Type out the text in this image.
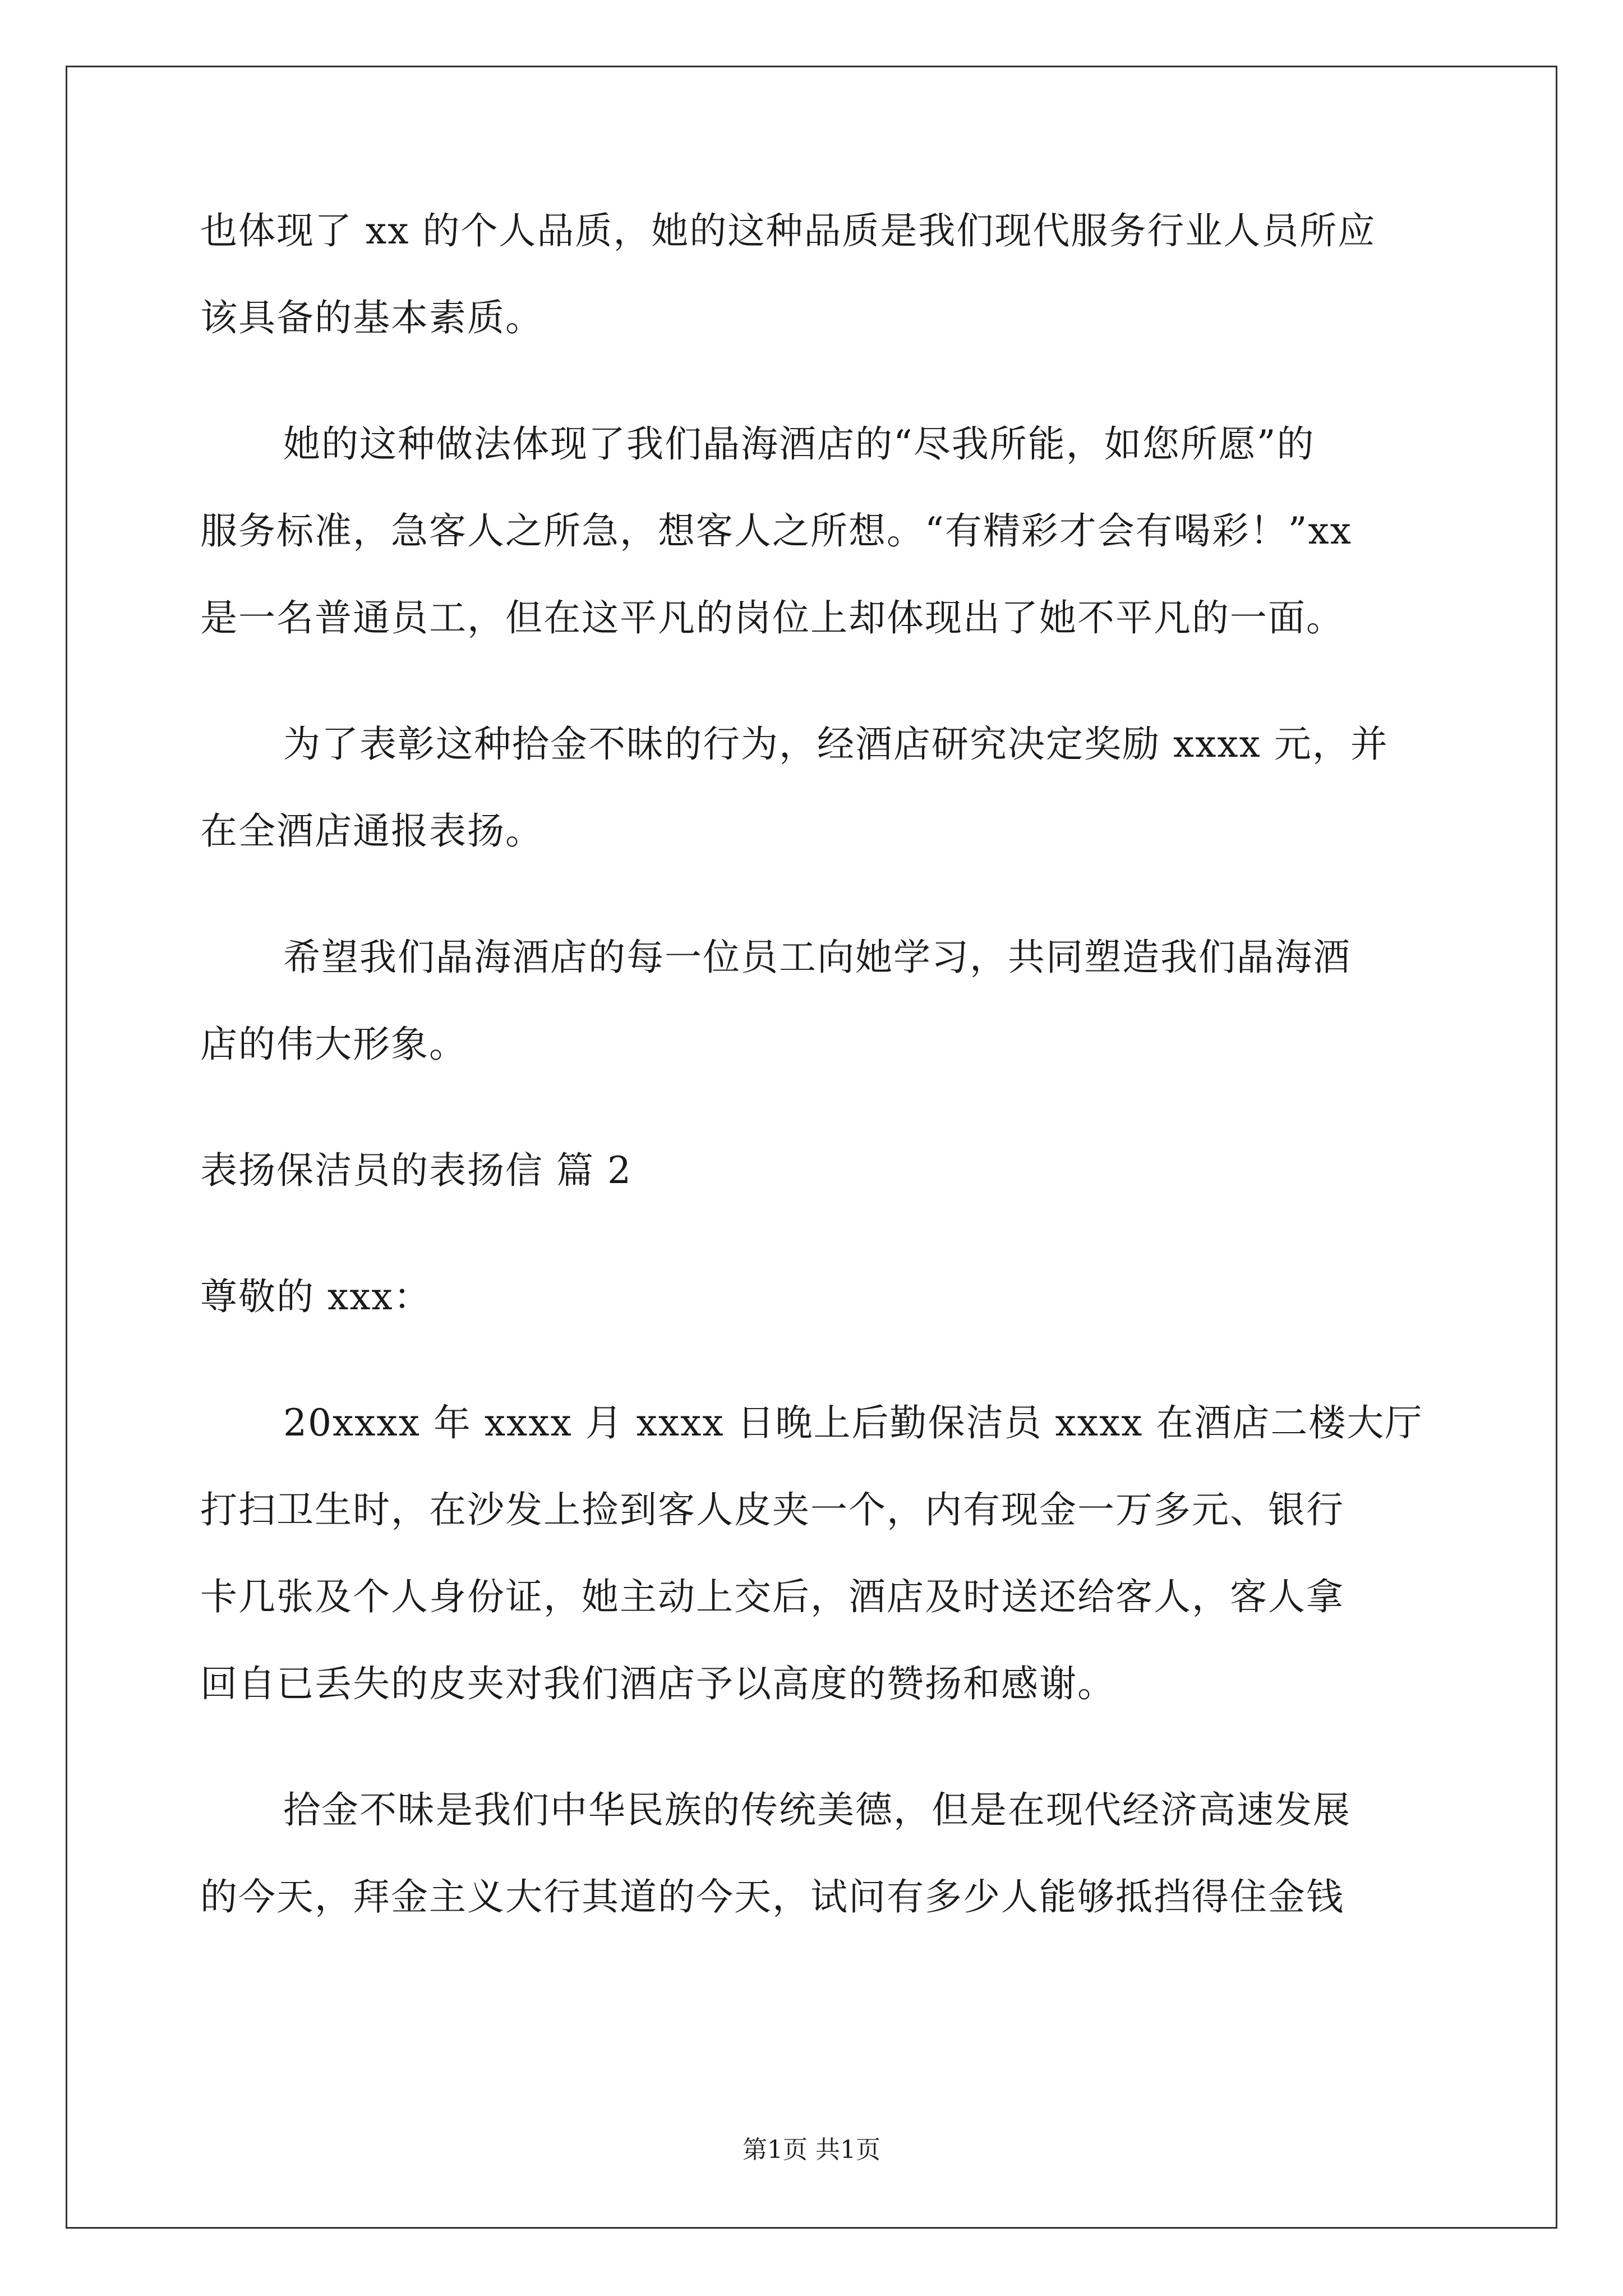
也体现了 xx 的个人品质，她的这种品质是我们现代服务行业人员所应
该具备的基本素质。
她的这种做法体现了我们晶海酒店的“尽我所能，如您所愿”的
服务标准，急客人之所急，想客人之所想。“有精彩才会有喝彩！”xx
是一名普通员工，但在这平凡的岗位上却体现出了她不平凡的一面。
为了表彰这种拾金不昧的行为，经酒店研究决定奖励 xxxx 元，并
在全酒店通报表扬。
希望我们晶海酒店的每一位员工向她学习，共同塑造我们晶海酒
店的伟大形象。
表扬保洁员的表扬信 篇 2
尊敬的 xxx：
20xxxx 年 xxxx 月 xxxx 日晚上后勤保洁员 xxxx 在酒店二楼大厅
打扫卫生时，在沙发上捡到客人皮夹一个，内有现金一万多元、银行
卡几张及个人身份证，她主动上交后，酒店及时送还给客人，客人拿
回自已丢失的皮夹对我们酒店予以高度的赞扬和感谢。
拾金不昧是我们中华民族的传统美德，但是在现代经济高速发展
的今天，拜金主义大行其道的今天，试问有多少人能够抵挡得住金钱
第1页 共1页
